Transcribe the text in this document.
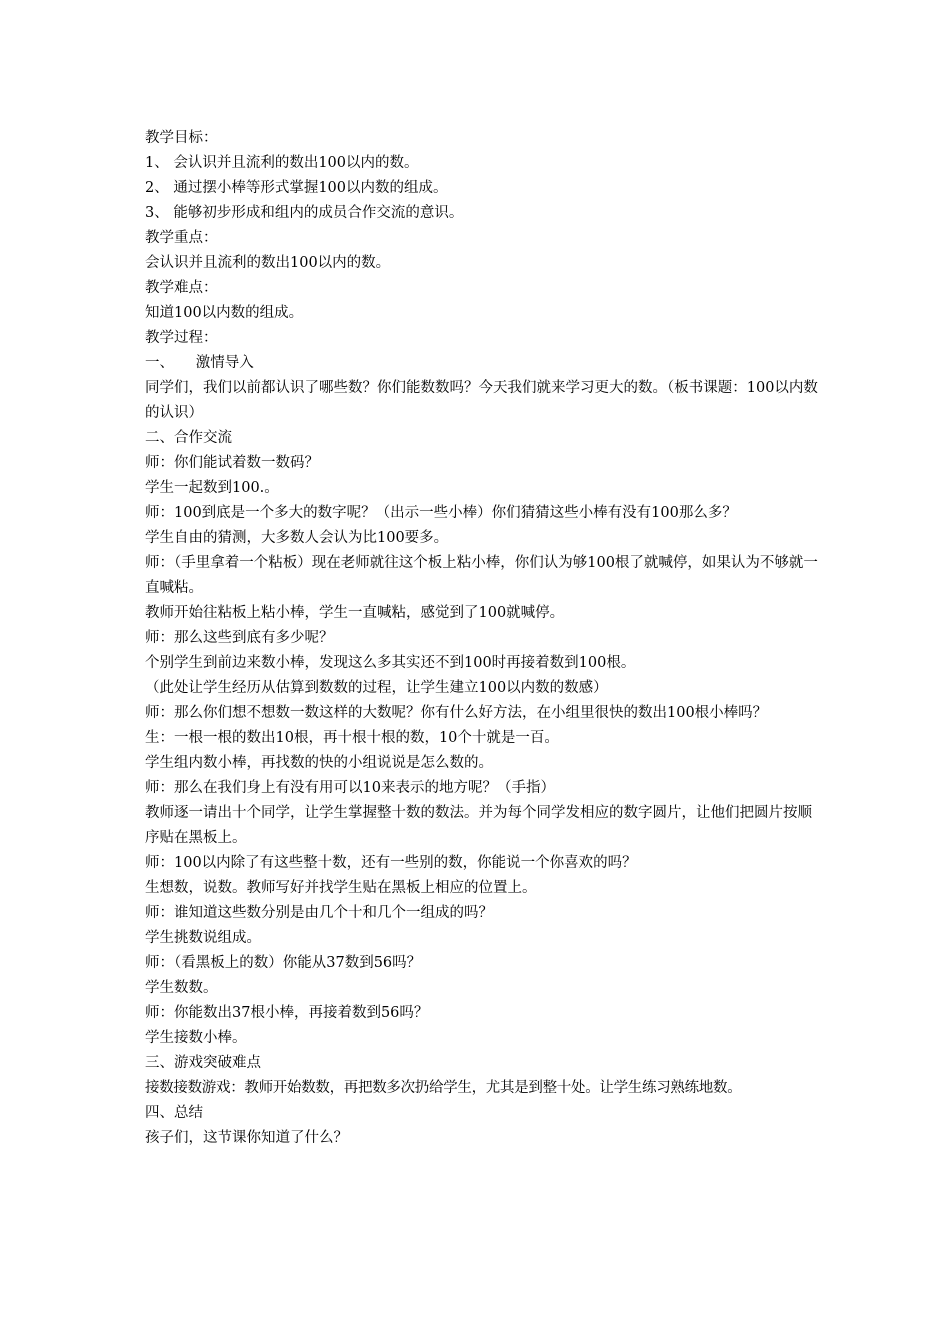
教学目标：
1、 会认识并且流利的数出100以内的数。
2、 通过摆小棒等形式掌握100以内数的组成。
3、 能够初步形成和组内的成员合作交流的意识。
教学重点：
会认识并且流利的数出100以内的数。
教学难点：
知道100以内数的组成。
教学过程：
一、　　激情导入
同学们，我们以前都认识了哪些数？你们能数数吗？今天我们就来学习更大的数。（板书课题：100以内数的认识）
二、合作交流
师：你们能试着数一数码？
学生一起数到100.。
师：100到底是一个多大的数字呢？（出示一些小棒）你们猜猜这些小棒有没有100那么多？
学生自由的猜测，大多数人会认为比100要多。
师：（手里拿着一个粘板）现在老师就往这个板上粘小棒，你们认为够100根了就喊停，如果认为不够就一直喊粘。
教师开始往粘板上粘小棒，学生一直喊粘，感觉到了100就喊停。
师：那么这些到底有多少呢？
个别学生到前边来数小棒，发现这么多其实还不到100时再接着数到100根。
（此处让学生经历从估算到数数的过程，让学生建立100以内数的数感）
师：那么你们想不想数一数这样的大数呢？你有什么好方法，在小组里很快的数出100根小棒吗？
生：一根一根的数出10根，再十根十根的数，10个十就是一百。
学生组内数小棒，再找数的快的小组说说是怎么数的。
师：那么在我们身上有没有用可以10来表示的地方呢？（手指）
教师逐一请出十个同学，让学生掌握整十数的数法。并为每个同学发相应的数字圆片，让他们把圆片按顺序贴在黑板上。
师：100以内除了有这些整十数，还有一些别的数，你能说一个你喜欢的吗？
生想数，说数。教师写好并找学生贴在黑板上相应的位置上。
师：谁知道这些数分别是由几个十和几个一组成的吗？
学生挑数说组成。
师：（看黑板上的数）你能从37数到56吗？
学生数数。
师：你能数出37根小棒，再接着数到56吗？
学生接数小棒。
三、游戏突破难点
接数接数游戏：教师开始数数，再把数多次扔给学生，尤其是到整十处。让学生练习熟练地数。
四、总结
孩子们，这节课你知道了什么？
